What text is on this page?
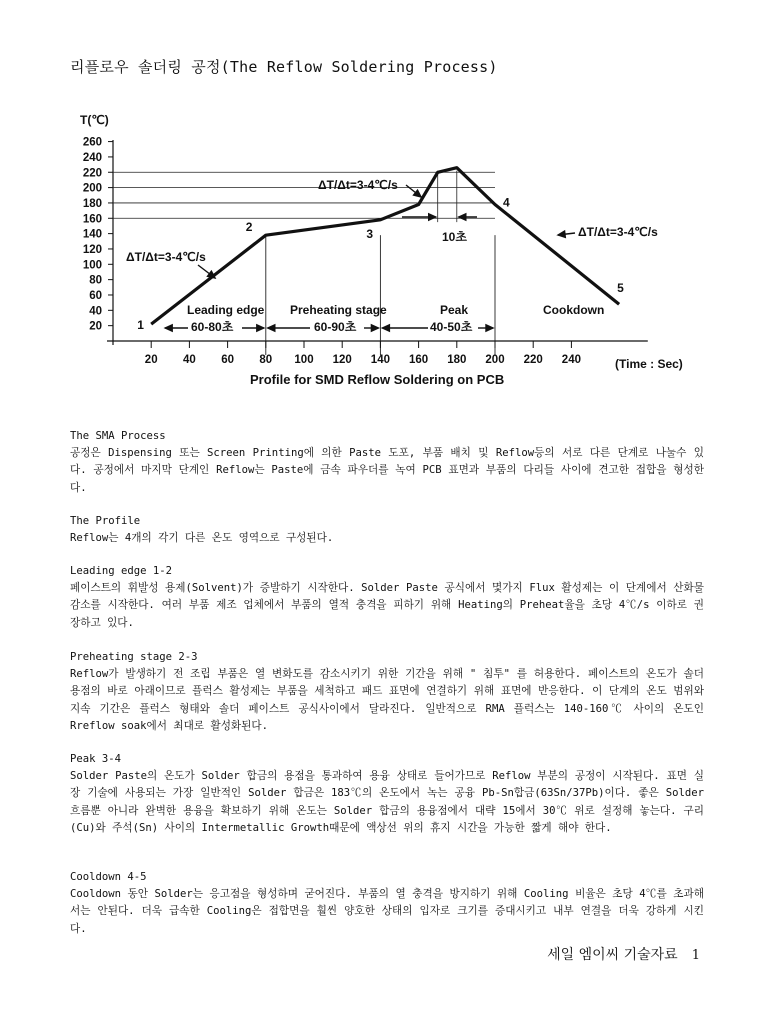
리플로우 솔더링 공정(The Reflow Soldering Process)
T(℃)
20
40
60
80
100
120
140
160
180
200
220
240
260
20 40 60 80 100 120 140 160 180 200 220 240
1
2	3
4
5
ΔT/Δt=3-4℃/s
ΔT/Δt=3-4℃/s
ΔT/Δt=3-4℃/s
10초
Leading edge Preheating stage	Peak	Cookdown
60-80초	60-90초	40-50초
(Time : Sec)
Profile for SMD Reflow Soldering on PCB
The SMA Process
공정은 Dispensing 또는 Screen Printing에 의한 Paste 도포, 부품 배치 및 Reflow등의 서로 다른 단계로 나눌수 있다. 공정에서 마지막 단계인 Reflow는 Paste에 금속 파우더를 녹여 PCB 표면과 부품의 다리들 사이에 견고한 접합을 형성한다.
The Profile
Reflow는 4개의 각기 다른 온도 영역으로 구성된다.
Leading edge 1-2
페이스트의 휘발성 용제(Solvent)가 증발하기 시작한다. Solder Paste 공식에서 몇가지 Flux 활성제는 이 단계에서 산화물 감소를 시작한다. 여러 부품 제조 업체에서 부품의 열적 충격을 피하기 위해 Heating의 Preheat율을 초당 4℃/s 이하로 권장하고 있다.
Preheating stage 2-3
Reflow가 발생하기 전 조립 부품은 열 변화도를 감소시키기 위한 기간을 위해 " 침투" 를 허용한다. 페이스트의 온도가 솔더 용점의 바로 아래이므로 플럭스 활성제는 부품을 세척하고 패드 표면에 연결하기 위해 표면에 반응한다. 이 단계의 온도 범위와 지속 기간은 플럭스 형태와 솔더 페이스트 공식사이에서 달라진다. 일반적으로 RMA 플럭스는 140-160℃ 사이의 온도인 Rreflow soak에서 최대로 활성화된다.
Peak 3-4
Solder Paste의 온도가 Solder 합금의 용점을 통과하여 용융 상태로 들어가므로 Reflow 부분의 공정이 시작된다. 표면 실장 기술에 사용되는 가장 일반적인 Solder 합금은 183℃의 온도에서 녹는 공융 Pb-Sn합금(63Sn/37Pb)이다. 좋은 Solder 흐름뿐 아니라 완벽한 용융을 확보하기 위해 온도는 Solder 합금의 용융점에서 대략 15에서 30℃ 위로 설정해 놓는다. 구리(Cu)와 주석(Sn) 사이의 Intermetallic Growth때문에 액상선 위의 휴지 시간을 가능한 짧게 해야 한다.
Cooldown 4-5
Cooldown 동안 Solder는 응고점을 형성하며 굳어진다. 부품의 열 충격을 방지하기 위해 Cooling 비율은 초당 4℃를 초과해서는 안된다. 더욱 급속한 Cooling은 접합면을 훨씬 양호한 상태의 입자로 크기를 증대시키고 내부 연결을 더욱 강하게 시킨다.
세일 엠이씨 기술자료 1
